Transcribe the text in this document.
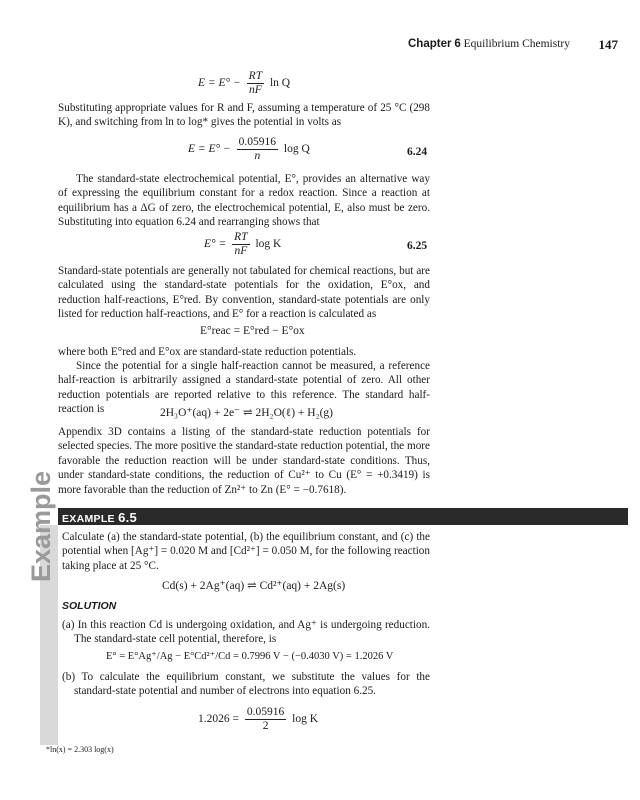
Chapter 6 Equilibrium Chemistry 147
$E = E^\circ - \frac{RT}{nF}$ ln Q
Substituting appropriate values for R and F, assuming a temperature of 25 °C (298 K), and switching from ln to log* gives the potential in volts as
$E = E^\circ - \frac{0.05916}{n}$ log Q	6.24
The standard-state electrochemical potential, E°, provides an alternative way of expressing the equilibrium constant for a redox reaction. Since a reaction at equilibrium has a ΔG of zero, the electrochemical potential, E, also must be zero. Substituting into equation 6.24 and rearranging shows that
$E^\circ = \frac{RT}{nF}$ log K	6.25
Standard-state potentials are generally not tabulated for chemical reactions, but are calculated using the standard-state potentials for the oxidation, E°ox, and reduction half-reactions, E°red. By convention, standard-state potentials are only listed for reduction half-reactions, and E° for a reaction is calculated as
E°reac = E°red − E°ox
where both E°red and E°ox are standard-state reduction potentials.
Since the potential for a single half-reaction cannot be measured, a reference half-reaction is arbitrarily assigned a standard-state potential of zero. All other reduction potentials are reported relative to this reference. The standard half-reaction is	2H₃O⁺(aq) + 2e⁻ ⇌ 2H₂O(ℓ) + H₂(g)
Appendix 3D contains a listing of the standard-state reduction potentials for selected species. The more positive the standard-state reduction potential, the more favorable the reduction reaction will be under standard-state conditions. Thus, under standard-state conditions, the reduction of Cu²⁺ to Cu (E° = +0.3419) is more favorable than the reduction of Zn²⁺ to Zn (E° = −0.7618).
EXAMPLE 6.5
Example Calculate (a) the standard-state potential, (b) the equilibrium constant, and (c) the potential when [Ag⁺] = 0.020 M and [Cd²⁺] = 0.050 M, for the following reaction taking place at 25 °C.
Cd(s) + 2Ag⁺(aq) ⇌ Cd²⁺(aq) + 2Ag(s)
SOLUTION
(a) In this reaction Cd is undergoing oxidation, and Ag⁺ is undergoing reduction. The standard-state cell potential, therefore, is
E° = E°Ag⁺/Ag − E°Cd²⁺/Cd = 0.7996 V − (−0.4030 V) = 1.2026 V
(b) To calculate the equilibrium constant, we substitute the values for the standard-state potential and number of electrons into equation 6.25.
$1.2026 = \frac{0.05916}{2}$ log K
*ln(x) = 2.303 log(x)
